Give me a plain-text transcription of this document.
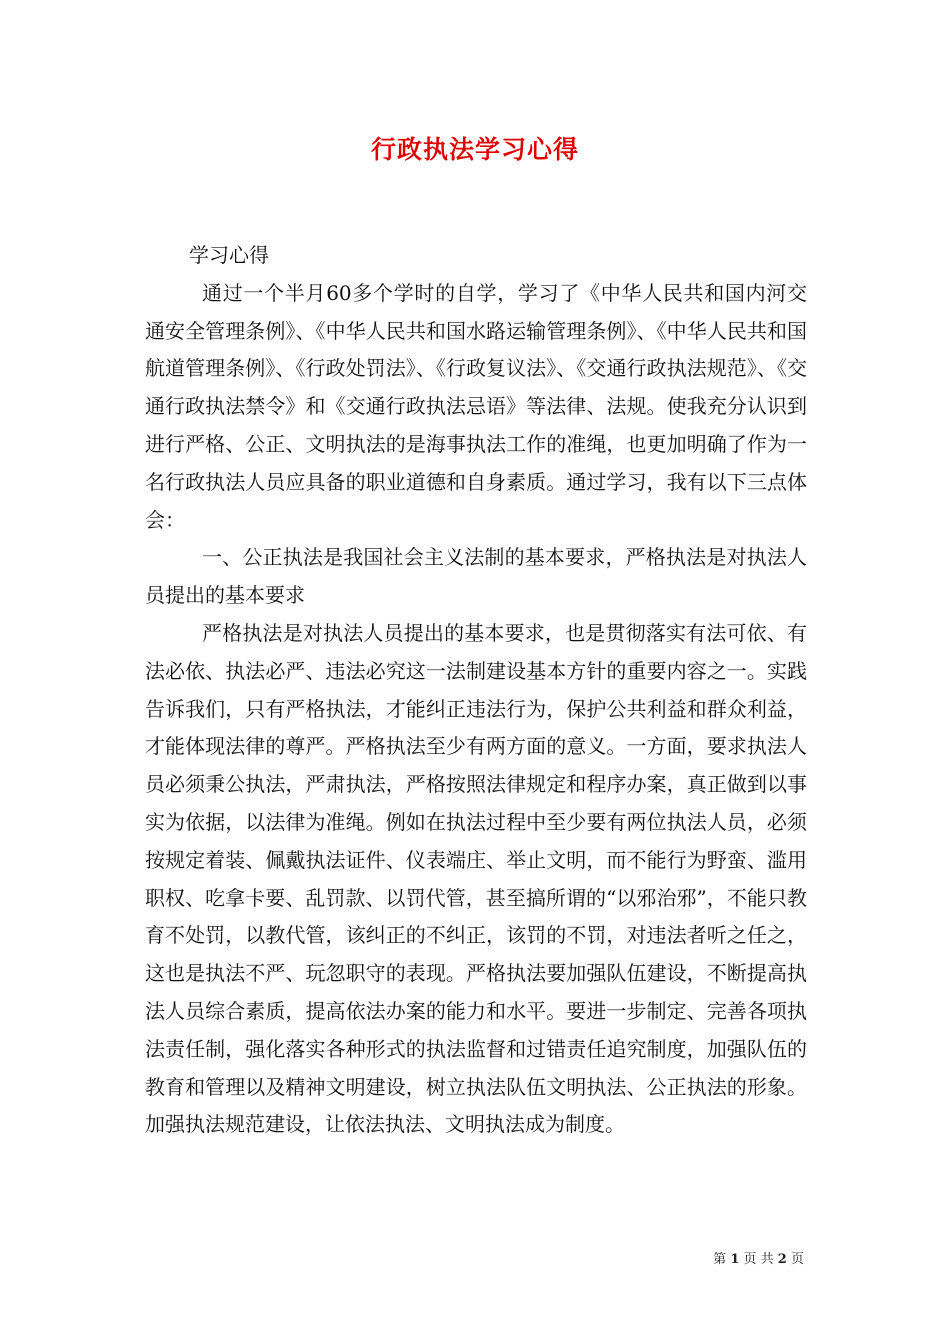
行政执法学习心得

学习心得

通过一个半月60多个学时的自学，学习了《中华人民共和国内河交通安全管理条例》、《中华人民共和国水路运输管理条例》、《中华人民共和国航道管理条例》、《行政处罚法》、《行政复议法》、《交通行政执法规范》、《交通行政执法禁令》和《交通行政执法忌语》等法律、法规。使我充分认识到进行严格、公正、文明执法的是海事执法工作的准绳，也更加明确了作为一名行政执法人员应具备的职业道德和自身素质。通过学习，我有以下三点体会：

一、公正执法是我国社会主义法制的基本要求，严格执法是对执法人员提出的基本要求

严格执法是对执法人员提出的基本要求，也是贯彻落实有法可依、有法必依、执法必严、违法必究这一法制建设基本方针的重要内容之一。实践告诉我们，只有严格执法，才能纠正违法行为，保护公共利益和群众利益，才能体现法律的尊严。严格执法至少有两方面的意义。一方面，要求执法人员必须秉公执法，严肃执法，严格按照法律规定和程序办案，真正做到以事实为依据，以法律为准绳。例如在执法过程中至少要有两位执法人员，必须按规定着装、佩戴执法证件、仪表端庄、举止文明，而不能行为野蛮、滥用职权、吃拿卡要、乱罚款、以罚代管，甚至搞所谓的“以邪治邪”，不能只教育不处罚，以教代管，该纠正的不纠正，该罚的不罚，对违法者听之任之，这也是执法不严、玩忽职守的表现。严格执法要加强队伍建设，不断提高执法人员综合素质，提高依法办案的能力和水平。要进一步制定、完善各项执法责任制，强化落实各种形式的执法监督和过错责任追究制度，加强队伍的教育和管理以及精神文明建设，树立执法队伍文明执法、公正执法的形象。加强执法规范建设，让依法执法、文明执法成为制度。

第 1 页 共 2 页
